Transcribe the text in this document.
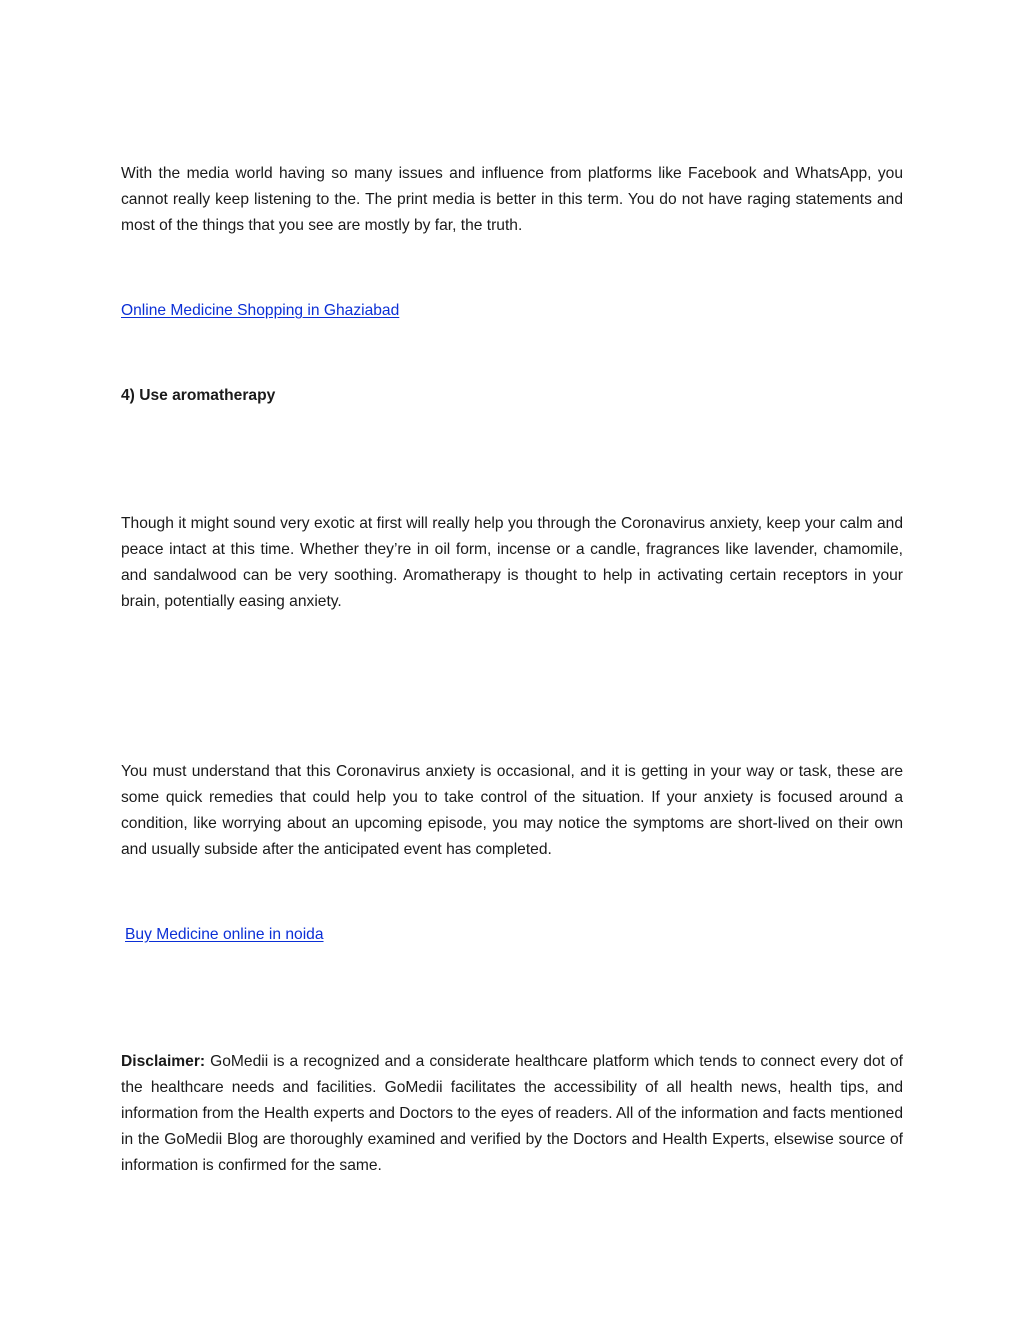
With the media world having so many issues and influence from platforms like Facebook and WhatsApp, you cannot really keep listening to the. The print media is better in this term. You do not have raging statements and most of the things that you see are mostly by far, the truth.

Online Medicine Shopping in Ghaziabad

4) Use aromatherapy

Though it might sound very exotic at first will really help you through the Coronavirus anxiety, keep your calm and peace intact at this time. Whether they’re in oil form, incense or a candle, fragrances like lavender, chamomile, and sandalwood can be very soothing. Aromatherapy is thought to help in activating certain receptors in your brain, potentially easing anxiety.

You must understand that this Coronavirus anxiety is occasional, and it is getting in your way or task, these are some quick remedies that could help you to take control of the situation. If your anxiety is focused around a condition, like worrying about an upcoming episode, you may notice the symptoms are short-lived on their own and usually subside after the anticipated event has completed.

Buy Medicine online in noida

Disclaimer: GoMedii is a recognized and a considerate healthcare platform which tends to connect every dot of the healthcare needs and facilities. GoMedii facilitates the accessibility of all health news, health tips, and information from the Health experts and Doctors to the eyes of readers. All of the information and facts mentioned in the GoMedii Blog are thoroughly examined and verified by the Doctors and Health Experts, elsewise source of information is confirmed for the same.
